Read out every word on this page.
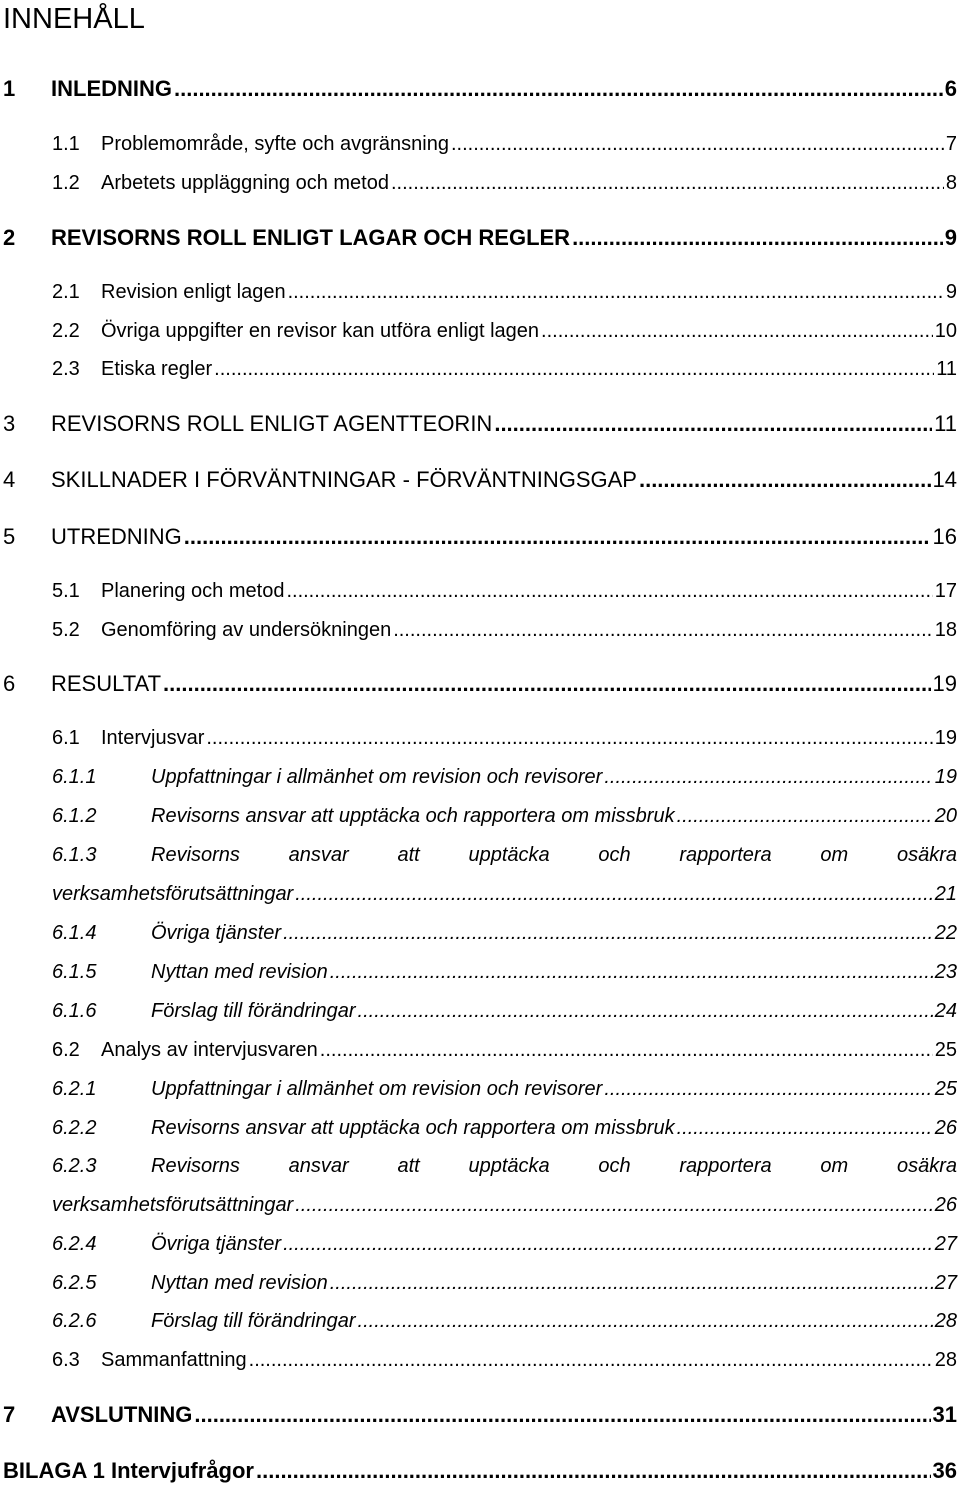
INNEHÅLL
1	INLEDNING .....	6
1.1	Problemområde, syfte och avgränsning .....	7
1.2	Arbetets uppläggning och metod .....	8
2	REVISORNS ROLL ENLIGT LAGAR OCH REGLER .....	9
2.1	Revision enligt lagen .....	9
2.2	Övriga uppgifter en revisor kan utföra enligt lagen .....	10
2.3	Etiska regler .....	11
3	REVISORNS ROLL ENLIGT AGENTTEORIN .....	11
4	SKILLNADER I FÖRVÄNTNINGAR - FÖRVÄNTNINGSGAP .....	14
5	UTREDNING .....	16
5.1	Planering och metod .....	17
5.2	Genomföring av undersökningen .....	18
6	RESULTAT .....	19
6.1	Intervjusvar .....	19
6.1.1	Uppfattningar i allmänhet om revision och revisorer .....	19
6.1.2	Revisorns ansvar att upptäcka och rapportera om missbruk .....	20
6.1.3	Revisorns ansvar att upptäcka och rapportera om osäkra
verksamhetsförutsättningar .....	21
6.1.4	Övriga tjänster .....	22
6.1.5	Nyttan med revision .....	23
6.1.6	Förslag till förändringar .....	24
6.2	Analys av intervjusvaren .....	25
6.2.1	Uppfattningar i allmänhet om revision och revisorer .....	25
6.2.2	Revisorns ansvar att upptäcka och rapportera om missbruk .....	26
6.2.3	Revisorns ansvar att upptäcka och rapportera om osäkra
verksamhetsförutsättningar .....	26
6.2.4	Övriga tjänster .....	27
6.2.5	Nyttan med revision .....	27
6.2.6	Förslag till förändringar .....	28
6.3	Sammanfattning .....	28
7	AVSLUTNING .....	31
BILAGA 1 Intervjufrågor .....	36
